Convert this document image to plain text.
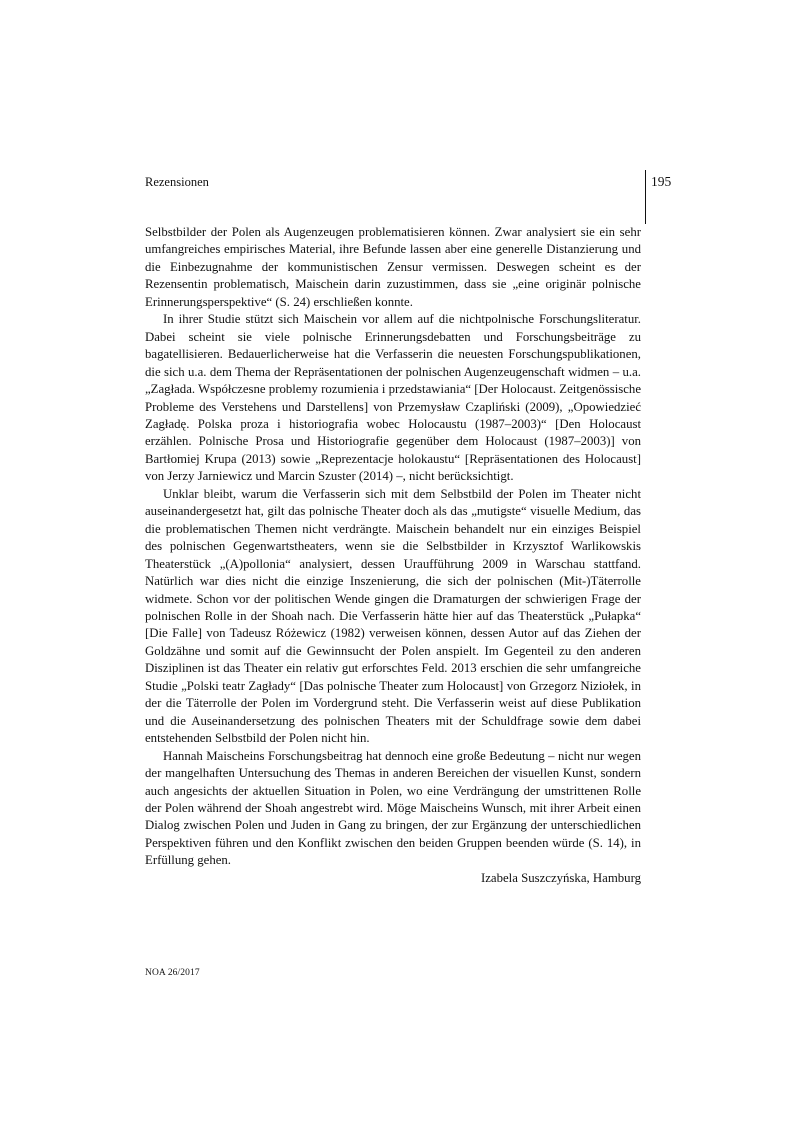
Rezensionen	195

Selbstbilder der Polen als Augenzeugen problematisieren können. Zwar analysiert sie ein sehr umfangreiches empirisches Material, ihre Befunde lassen aber eine generelle Distanzierung und die Einbezugnahme der kommunistischen Zensur vermissen. Deswegen scheint es der Rezensentin problematisch, Maischein darin zuzustimmen, dass sie „eine originär polnische Erinnerungsperspektive“ (S. 24) erschließen konnte.

In ihrer Studie stützt sich Maischein vor allem auf die nichtpolnische Forschungsliteratur. Dabei scheint sie viele polnische Erinnerungsdebatten und Forschungsbeiträge zu bagatellisieren. Bedauerlicherweise hat die Verfasserin die neuesten Forschungspublikationen, die sich u.a. dem Thema der Repräsentationen der polnischen Augenzeugenschaft widmen – u.a. „Zagłada. Współczesne problemy rozumienia i przedstawiania“ [Der Holocaust. Zeitgenössische Probleme des Verstehens und Darstellens] von Przemysław Czapliński (2009), „Opowiedzieć Zagładę. Polska proza i historiografia wobec Holocaustu (1987–2003)“ [Den Holocaust erzählen. Polnische Prosa und Historiografie gegenüber dem Holocaust (1987–2003)] von Bartłomiej Krupa (2013) sowie „Reprezentacje holokaustu“ [Repräsentationen des Holocaust] von Jerzy Jarniewicz und Marcin Szuster (2014) –, nicht berücksichtigt.

Unklar bleibt, warum die Verfasserin sich mit dem Selbstbild der Polen im Theater nicht auseinandergesetzt hat, gilt das polnische Theater doch als das „mutigste“ visuelle Medium, das die problematischen Themen nicht verdrängte. Maischein behandelt nur ein einziges Beispiel des polnischen Gegenwartstheaters, wenn sie die Selbstbilder in Krzysztof Warlikowskis Theaterstück „(A)pollonia“ analysiert, dessen Uraufführung 2009 in Warschau stattfand. Natürlich war dies nicht die einzige Inszenierung, die sich der polnischen (Mit-)Täterrolle widmete. Schon vor der politischen Wende gingen die Dramaturgen der schwierigen Frage der polnischen Rolle in der Shoah nach. Die Verfasserin hätte hier auf das Theaterstück „Pułapka“ [Die Falle] von Tadeusz Różewicz (1982) verweisen können, dessen Autor auf das Ziehen der Goldzähne und somit auf die Gewinnsucht der Polen anspielt. Im Gegenteil zu den anderen Disziplinen ist das Theater ein relativ gut erforschtes Feld. 2013 erschien die sehr umfangreiche Studie „Polski teatr Zagłady“ [Das polnische Theater zum Holocaust] von Grzegorz Niziołek, in der die Täterrolle der Polen im Vordergrund steht. Die Verfasserin weist auf diese Publikation und die Auseinandersetzung des polnischen Theaters mit der Schuldfrage sowie dem dabei entstehenden Selbstbild der Polen nicht hin.

Hannah Maischeins Forschungsbeitrag hat dennoch eine große Bedeutung – nicht nur wegen der mangelhaften Untersuchung des Themas in anderen Bereichen der visuellen Kunst, sondern auch angesichts der aktuellen Situation in Polen, wo eine Verdrängung der umstrittenen Rolle der Polen während der Shoah angestrebt wird. Möge Maischeins Wunsch, mit ihrer Arbeit einen Dialog zwischen Polen und Juden in Gang zu bringen, der zur Ergänzung der unterschiedlichen Perspektiven führen und den Konflikt zwischen den beiden Gruppen beenden würde (S. 14), in Erfüllung gehen.

Izabela Suszczyńska, Hamburg

NOA 26/2017
